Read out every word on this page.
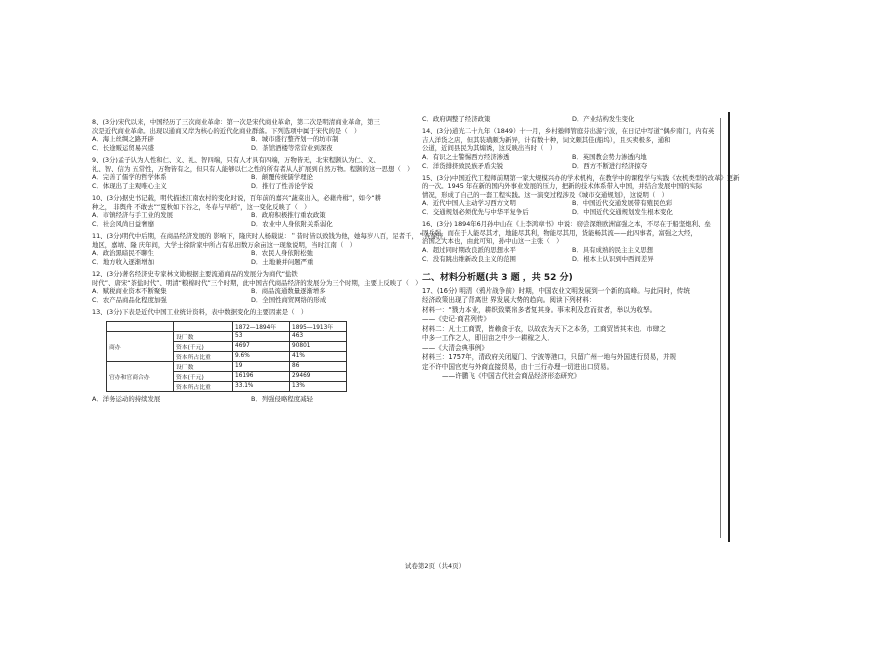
8、(3分)宋代以来，中国经历了三次商业革命：第一次是宋代商业革命，第二次是明清商业革命，第三
次是近代商业革命。出现以通商又岸为核心的近代化商业群落。下列选项中属于宋代的是（　）
A．海上丝绸之路开辟	B．城市盛行整齐划一的坊市制
C．长途贩运贸易兴盛	D．茶馆酒楼等常营业到深夜
9、(3分)孟子认为人性和仁、义、礼、智四端，只有人才具有四端，万物皆无，北宋程颢认为仁、义、
礼、智、信为 五常性，万物皆有之，但只有人能够以仁之性的所有者从人扩展到自然万物。程颢的这一思想（　）
A．完善了儒学的哲学体系	B．颠覆传统儒学理论
C．体现出了主观唯心主义	D．推行了性善论学说
10、(3分)据史书记载，明代描述江南农村的变化时说，百年前的嘉兴“蔬菜出入，必藉舟楫”，如今“耕
种之， 非舆舟 不敢去”“夏秋如下谷之，冬春与早稻”，这一变化反映了（　）
A．市镇经济与手工业的发展	B．政府积极推行重农政策
C．社会风尚日益奢靡	D．农业中人身依附关系弱化
11、(3分)明代中后期，在商品经济发展的 影响下，隆庆时人杨载说：＂昔时皆以致钱为他，她每岁八百，足者千，＂在徐江
地区，嘉靖、隆 庆年间，大学士徐阶家中所占有私田数万余亩这一现象说明，当时江南（　）
A．政治黑暗民不聊生	B．农民人身依附松弛
C．地方收入逐渐增加	D．土地兼并问题严重
12、(3分)著名经济史专家林文勋根据主要流通商品的发展分为商代“盐铁
时代”、唐宋“茶盐时代”、明清“粮棉时代”三个时期，此中国古代商品经济的发展分为三个时期，主要上反映了（　）
A．赋税商业资本不断聚集	B．商品流通数量逐渐增多
C．农产品商品化程度加强	D．全国性商贸网络的形成
13、(3分)下表是近代中国工业统计资料，表中数据变化的主要因素是（　）
		1872—1894年	1895—1913年
商办	设厂数	53	463
	资本(千元)	4697	90801
	资本所占比重	9.6%	41%
官办和官商合办	设厂数	19	86
	资本(千元)	16196	29469
	资本所占比重	33.1%	13%
A．洋务运动的持续发展	B．列强侵略程度减轻
C．政府调整了经济政策	D．产业结构发生变化
14、(3分)道光二十九年（1849）十一月，乡村塾师管庭芬出游宁波，在日记中写道“偶步南门，内有英
吉人洋货之店，但其装璜颇为新异，计有数十种，词文颇其佳(船坞），且买卖极多，通和
公道，近间县民为其煽诱，这反映出当时（　）
A．有识之士警惕西方经济渗透	B．英国教会势力渗透内地
C．洋货排挤致民族矛盾尖锐	D．西方不断进行经济掠夺
15、(3分)中国近代工程师前期第一家大规模兴办的学术机构，在教学中的课程学与实践《农机类型的改革》更新
的一次。1945 年在新的国内外事业发展的压力，把新的技术体系带入中国，并结合发展中国的实际
情况，形成了自己的一套工程实践。这一演变过程涉及《城市交通规划》，这说明（　）
A．近代中国人主动学习西方文明	B．中国近代交通发展带有殖民色彩
C．交通规划必须优先与中华平复争后	D．中国近代交通规划发生根本变化
16、(3分) 1894年6月孙中山在《上李鸿章书》中说：窃尝深维欧洲富强之本，不尽在于船坚炮利、垒
固兵强，而在于人能尽其才，地能尽其利，物能尽其用，货能畅其流——此四事者，富强之大经，
治国之大本也，由此可知，孙中山这一主张（　）
A．超过同时期改良派的思想水平	B．具有成熟的民主主义思想
C．没有跳出维新改良主义的范围	D．根本上认识到中西间差异
二、材料分析题(共 3 题 ，共 52 分)
17、(16分) 明清（鸦片战争前）时期，中国农业文明发展到一个新的高峰。与此同时，传统
经济政策出现了背离世 界发展大势的趋向。阅读下列材料：
材料一：“戮力本业，耕织致粟帛多者复其身。事末利及怠而贫者，举以为收孥。
——《史记·商君列传》
材料二：凡士工商贾，皆赖食于农，以故农为天下之本务，工商贸皆其末也．市肆之
中多一工作之人，即田亩之中少一耕稼之人．
——《大清会典事例》
材料三：1757年，清政府关闭厦门、宁波等港口，只留广州一地与外国进行贸易，并规
定不许中国官吏与外商直接贸易，由十三行办理一切进出口贸易。
——许鹏飞《中国古代社会商品经济形态研究》
试卷第2页（共4页）
